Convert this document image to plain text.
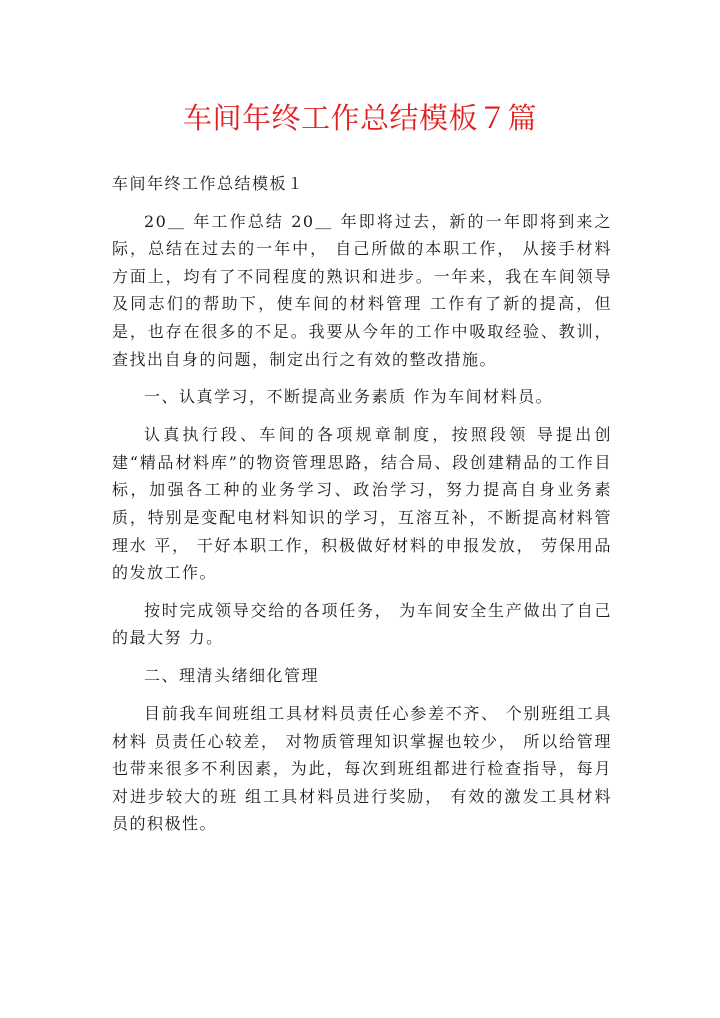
车间年终工作总结模板７篇

车间年终工作总结模板１

20＿ 年工作总结 20＿ 年即将过去，新的一年即将到来之际，总结在过去的一年中， 自己所做的本职工作， 从接手材料方面上，均有了不同程度的熟识和进步。一年来，我在车间领导及同志们的帮助下，使车间的材料管理 工作有了新的提高，但是，也存在很多的不足。我要从今年的工作中吸取经验、教训，查找出自身的问题，制定出行之有效的整改措施。

一、认真学习，不断提高业务素质 作为车间材料员。

认真执行段、车间的各项规章制度，按照段领 导提出创建“精品材料库”的物资管理思路，结合局、段创建精品的工作目标，加强各工种的业务学习、政治学习，努力提高自身业务素 质，特别是变配电材料知识的学习，互溶互补，不断提高材料管理水 平， 干好本职工作，积极做好材料的申报发放， 劳保用品的发放工作。

按时完成领导交给的各项任务， 为车间安全生产做出了自己的最大努 力。

二、理清头绪细化管理

目前我车间班组工具材料员责任心参差不齐、 个别班组工具材料 员责任心较差， 对物质管理知识掌握也较少， 所以给管理也带来很多不利因素，为此，每次到班组都进行检查指导，每月对进步较大的班 组工具材料员进行奖励， 有效的激发工具材料员的积极性。
